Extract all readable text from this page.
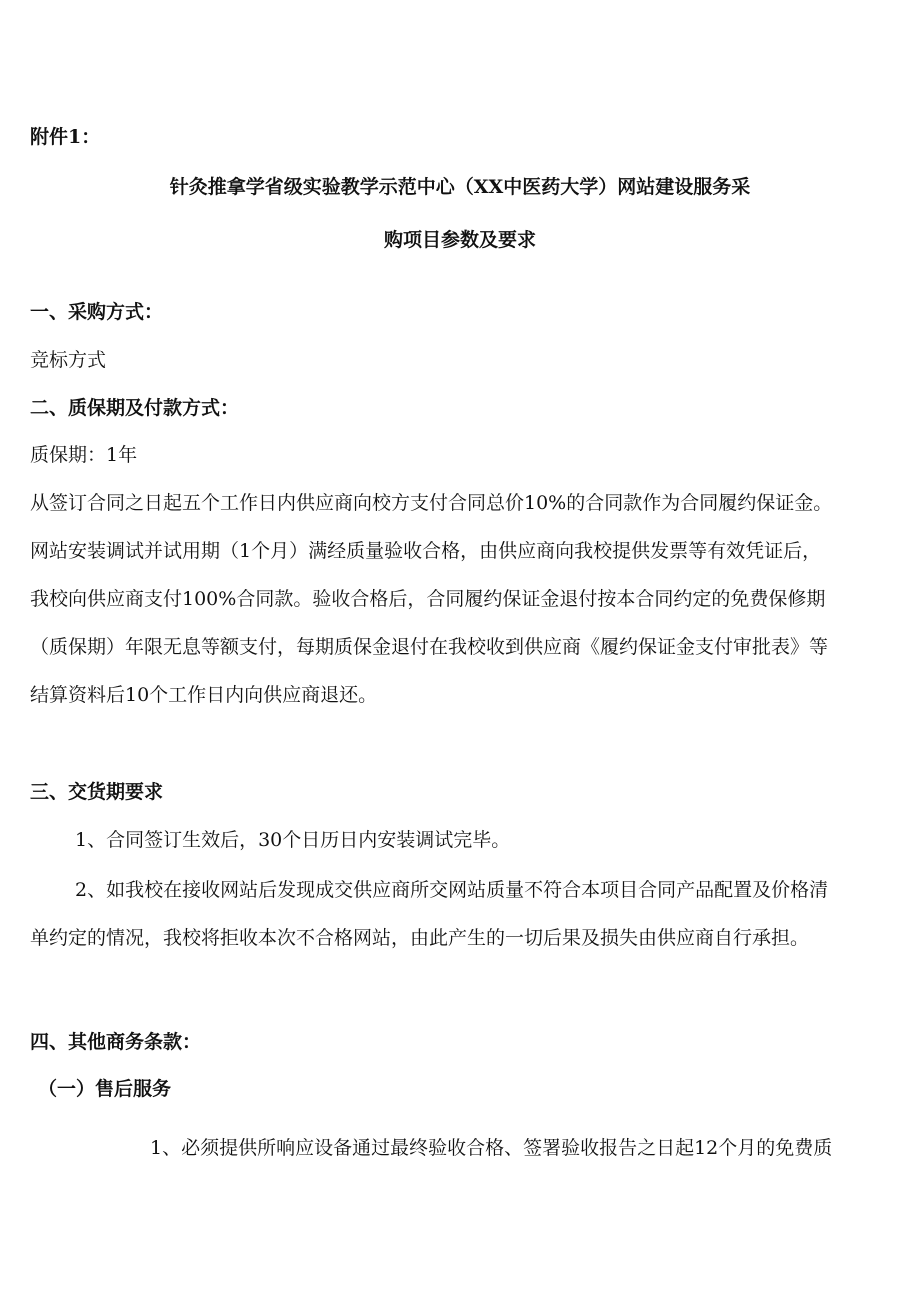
附件1：
针灸推拿学省级实验教学示范中心（XX中医药大学）网站建设服务采
购项目参数及要求
一、采购方式：
竞标方式
二、质保期及付款方式：
质保期：1年
从签订合同之日起五个工作日内供应商向校方支付合同总价10%的合同款作为合同履约保证金。
网站安装调试并试用期（1个月）满经质量验收合格，由供应商向我校提供发票等有效凭证后，
我校向供应商支付100%合同款。验收合格后，合同履约保证金退付按本合同约定的免费保修期
（质保期）年限无息等额支付，每期质保金退付在我校收到供应商《履约保证金支付审批表》等
结算资料后10个工作日内向供应商退还。
三、交货期要求
1、合同签订生效后，30个日历日内安装调试完毕。
2、如我校在接收网站后发现成交供应商所交网站质量不符合本项目合同产品配置及价格清
单约定的情况，我校将拒收本次不合格网站，由此产生的一切后果及损失由供应商自行承担。
四、其他商务条款：
（一）售后服务
1、必须提供所响应设备通过最终验收合格、签署验收报告之日起12个月的免费质
